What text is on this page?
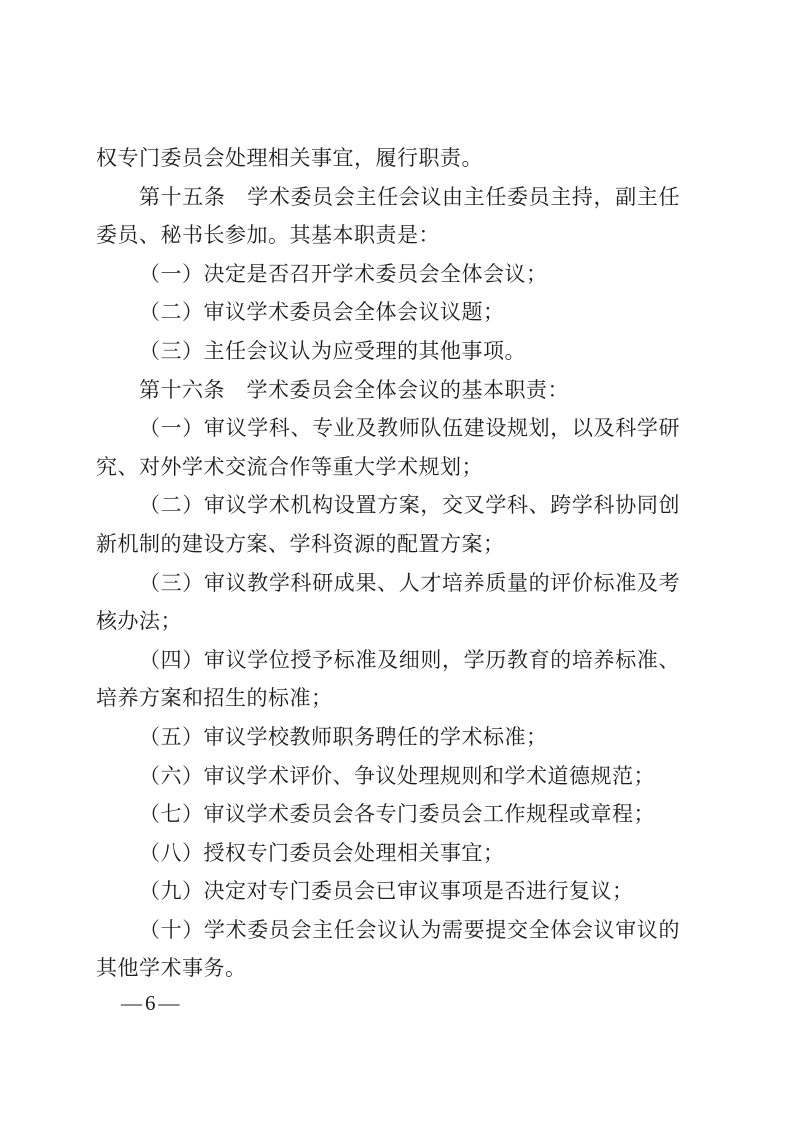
权专门委员会处理相关事宜，履行职责。

第十五条　学术委员会主任会议由主任委员主持，副主任

委员、秘书长参加。其基本职责是：

（一）决定是否召开学术委员会全体会议；

（二）审议学术委员会全体会议议题；

（三）主任会议认为应受理的其他事项。

第十六条　学术委员会全体会议的基本职责：

（一）审议学科、专业及教师队伍建设规划，以及科学研

究、对外学术交流合作等重大学术规划；

（二）审议学术机构设置方案，交叉学科、跨学科协同创

新机制的建设方案、学科资源的配置方案；

（三）审议教学科研成果、人才培养质量的评价标准及考

核办法；

（四）审议学位授予标准及细则，学历教育的培养标准、

培养方案和招生的标准；

（五）审议学校教师职务聘任的学术标准；

（六）审议学术评价、争议处理规则和学术道德规范；

（七）审议学术委员会各专门委员会工作规程或章程；

（八）授权专门委员会处理相关事宜；

（九）决定对专门委员会已审议事项是否进行复议；

（十）学术委员会主任会议认为需要提交全体会议审议的

其他学术事务。

—6—
